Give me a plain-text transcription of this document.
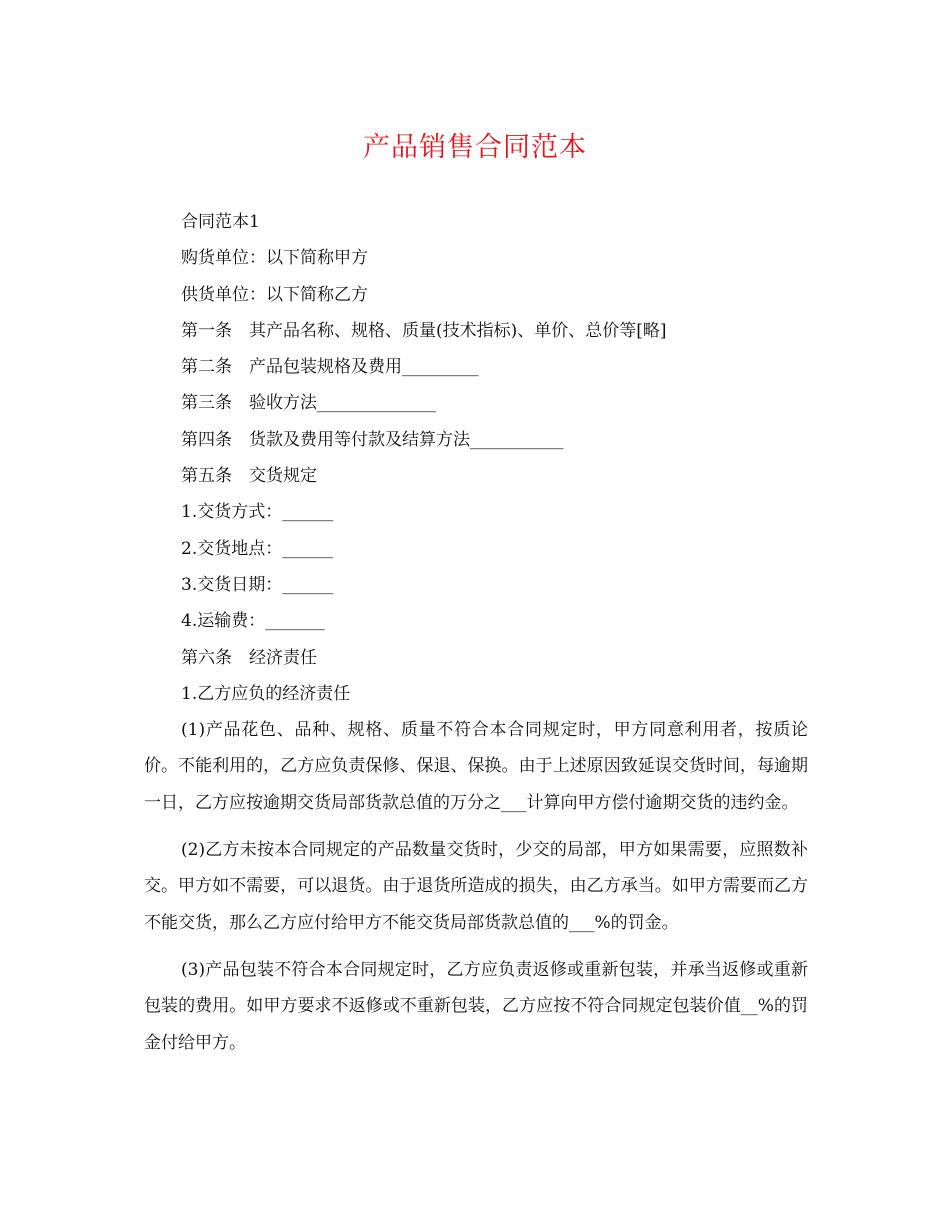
产品销售合同范本
合同范本1
购货单位：以下简称甲方
供货单位：以下简称乙方
第一条　其产品名称、规格、质量(技术指标)、单价、总价等[略]
第二条　产品包装规格及费用_________
第三条　验收方法______________
第四条　货款及费用等付款及结算方法___________
第五条　交货规定
1.交货方式：______
2.交货地点：______
3.交货日期：______
4.运输费：_______
第六条　经济责任
1.乙方应负的经济责任

(1)产品花色、品种、规格、质量不符合本合同规定时，甲方同意利用者，按质论价。不能利用的，乙方应负责保修、保退、保换。由于上述原因致延误交货时间，每逾期一日，乙方应按逾期交货局部货款总值的万分之___计算向甲方偿付逾期交货的违约金。

(2)乙方未按本合同规定的产品数量交货时，少交的局部，甲方如果需要，应照数补交。甲方如不需要，可以退货。由于退货所造成的损失，由乙方承当。如甲方需要而乙方不能交货，那么乙方应付给甲方不能交货局部货款总值的___%的罚金。

(3)产品包装不符合本合同规定时，乙方应负责返修或重新包装，并承当返修或重新包装的费用。如甲方要求不返修或不重新包装，乙方应按不符合同规定包装价值__%的罚金付给甲方。
